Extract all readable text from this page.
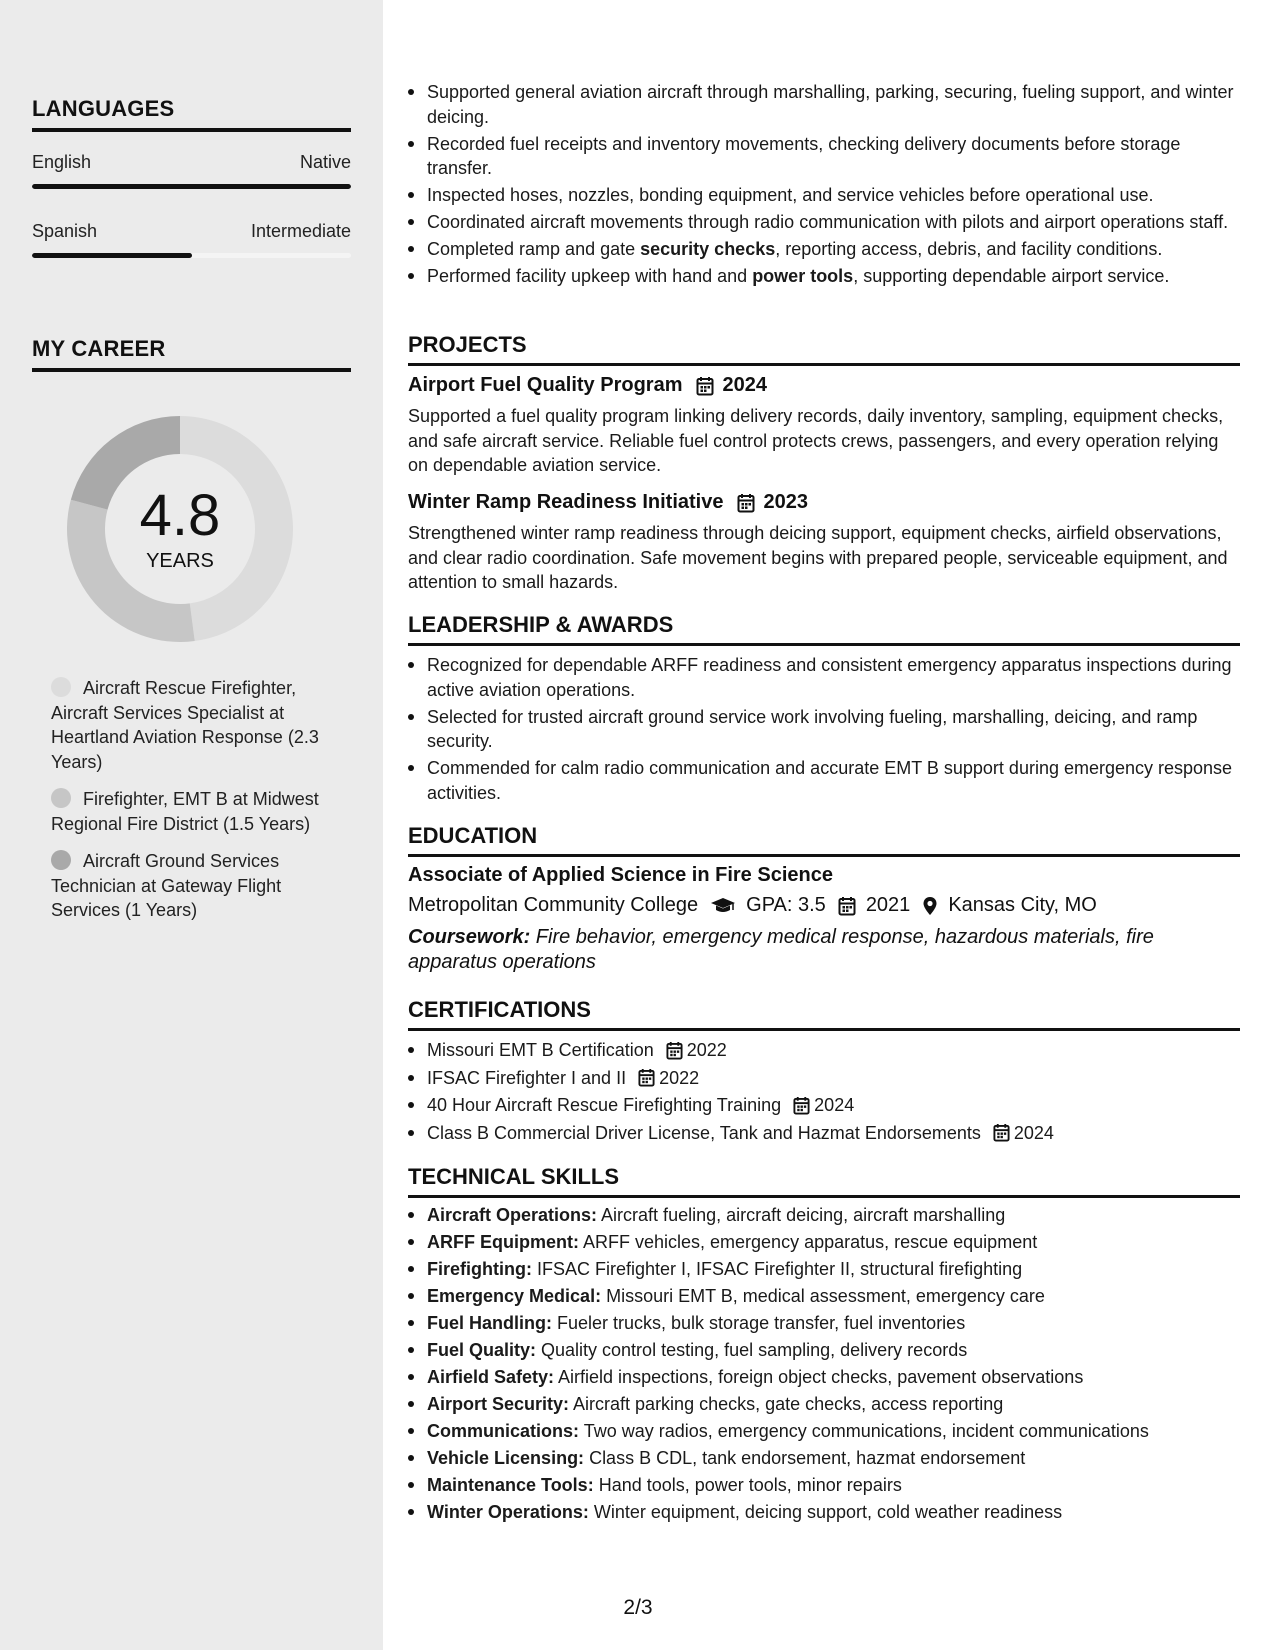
LANGUAGES
English	Native
Spanish	Intermediate
MY CAREER
4.8
YEARS
Aircraft Rescue Firefighter, Aircraft Services Specialist at Heartland Aviation Response (2.3 Years)
Firefighter, EMT B at Midwest Regional Fire District (1.5 Years)
Aircraft Ground Services Technician at Gateway Flight Services (1 Years)
Supported general aviation aircraft through marshalling, parking, securing, fueling support, and winter deicing.
Recorded fuel receipts and inventory movements, checking delivery documents before storage transfer.
Inspected hoses, nozzles, bonding equipment, and service vehicles before operational use.
Coordinated aircraft movements through radio communication with pilots and airport operations staff.
Completed ramp and gate security checks, reporting access, debris, and facility conditions.
Performed facility upkeep with hand and power tools, supporting dependable airport service.
PROJECTS
Airport Fuel Quality Program 2024
Supported a fuel quality program linking delivery records, daily inventory, sampling, equipment checks, and safe aircraft service. Reliable fuel control protects crews, passengers, and every operation relying on dependable aviation service.
Winter Ramp Readiness Initiative 2023
Strengthened winter ramp readiness through deicing support, equipment checks, airfield observations, and clear radio coordination. Safe movement begins with prepared people, serviceable equipment, and attention to small hazards.
LEADERSHIP & AWARDS
Recognized for dependable ARFF readiness and consistent emergency apparatus inspections during active aviation operations.
Selected for trusted aircraft ground service work involving fueling, marshalling, deicing, and ramp security.
Commended for calm radio communication and accurate EMT B support during emergency response activities.
EDUCATION
Associate of Applied Science in Fire Science
Metropolitan Community College GPA: 3.5 2021 Kansas City, MO
Coursework: Fire behavior, emergency medical response, hazardous materials, fire apparatus operations
CERTIFICATIONS
Missouri EMT B Certification 2022
IFSAC Firefighter I and II 2022
40 Hour Aircraft Rescue Firefighting Training 2024
Class B Commercial Driver License, Tank and Hazmat Endorsements 2024
TECHNICAL SKILLS
Aircraft Operations: Aircraft fueling, aircraft deicing, aircraft marshalling
ARFF Equipment: ARFF vehicles, emergency apparatus, rescue equipment
Firefighting: IFSAC Firefighter I, IFSAC Firefighter II, structural firefighting
Emergency Medical: Missouri EMT B, medical assessment, emergency care
Fuel Handling: Fueler trucks, bulk storage transfer, fuel inventories
Fuel Quality: Quality control testing, fuel sampling, delivery records
Airfield Safety: Airfield inspections, foreign object checks, pavement observations
Airport Security: Aircraft parking checks, gate checks, access reporting
Communications: Two way radios, emergency communications, incident communications
Vehicle Licensing: Class B CDL, tank endorsement, hazmat endorsement
Maintenance Tools: Hand tools, power tools, minor repairs
Winter Operations: Winter equipment, deicing support, cold weather readiness
2/3
